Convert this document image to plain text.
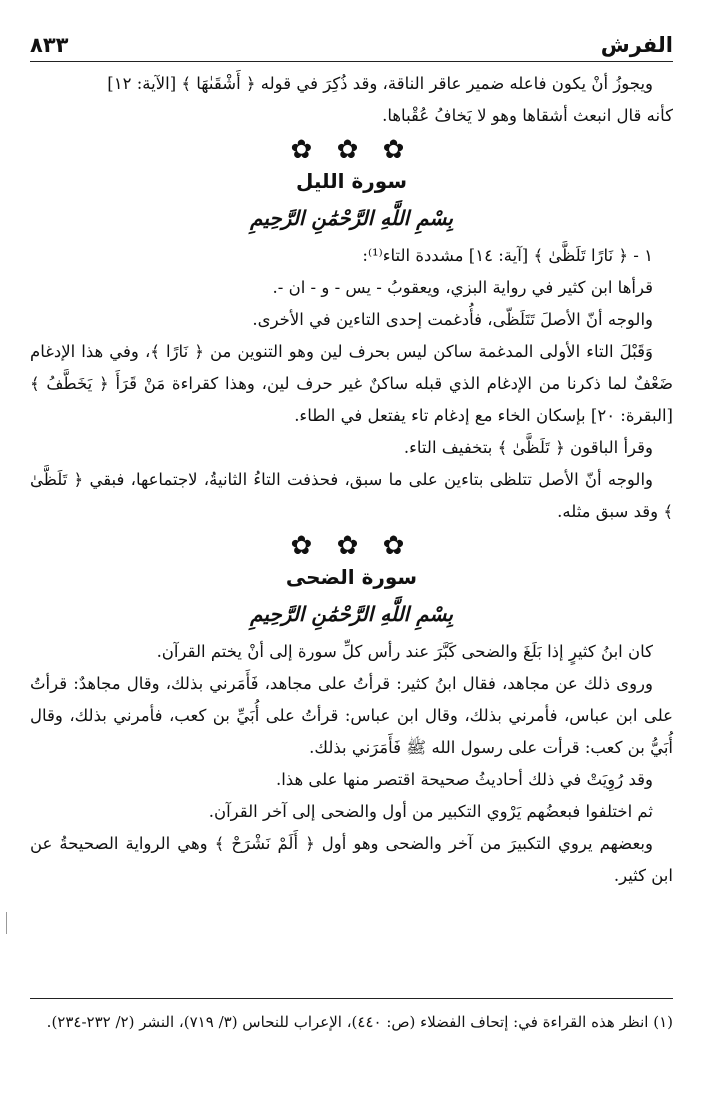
الفرش
٨٣٣

ويجوزُ أنْ يكون فاعله ضمير عاقر الناقة، وقد ذُكِرَ في قوله ﴿ أَشْقَىٰهَا ﴾ [الآية: ١٢]

كأنه قال انبعث أشقاها وهو لا يَخافُ عُقْباها.

✿ ✿ ✿
سورة الليل
بِسْمِ اللَّهِ الرَّحْمَٰنِ الرَّحِيمِ

١ - ﴿ نَارًا تَلَظَّىٰ ﴾ [آية: ١٤] مشددة التاء⁽¹⁾:

قرأها ابن كثير في رواية البزي، ويعقوبُ - يس - و - ان -.

والوجه أنّ الأصلَ تَتَلَظّى، فأُدغمت إحدى التاءين في الأخرى.

وَقَبْلَ التاء الأولى المدغمة ساكن ليس بحرف لين وهو التنوين من ﴿ نَارًا ﴾، وفي هذا الإدغام ضَعْفٌ لما ذكرنا من الإدغام الذي قبله ساكنٌ غير حرف لين، وهذا كقراءة مَنْ قَرَأَ ﴿ يَخَطَّفُ ﴾ [البقرة: ٢٠] بإسكان الخاء مع إدغام تاء يفتعل في الطاء.

وقرأ الباقون ﴿ تَلَظَّىٰ ﴾ بتخفيف التاء.

والوجه أنّ الأصل تتلظى بتاءين على ما سبق، فحذفت التاءُ الثانيةُ، لاجتماعها، فبقي ﴿ تَلَظَّىٰ ﴾ وقد سبق مثله.

✿ ✿ ✿
سورة الضحى
بِسْمِ اللَّهِ الرَّحْمَٰنِ الرَّحِيمِ

كان ابنُ كثيرٍ إذا بَلَغَ والضحى كَبَّرَ عند رأس كلِّ سورة إلى أنْ يختم القرآن.

وروى ذلك عن مجاهد، فقال ابنُ كثير: قرأتُ على مجاهد، فَأَمَرني بذلك، وقال مجاهدٌ: قرأتُ على ابن عباس، فأمرني بذلك، وقال ابن عباس: قرأتُ على أُبَيِّ بن كعب، فأمرني بذلك، وقال أُبَيُّ بن كعب: قرأت على رسول الله ﷺ فَأَمَرَني بذلك.

وقد رُوِيَتْ في ذلك أحاديثُ صحيحة اقتصر منها على هذا.

ثم اختلفوا فبعضُهم يَرْوي التكبير من أول والضحى إلى آخر القرآن.

وبعضهم يروي التكبيرَ من آخر والضحى وهو أول ﴿ أَلَمْ نَشْرَحْ ﴾ وهي الرواية الصحيحةُ عن ابن كثير.

(١) انظر هذه القراءة في: إتحاف الفضلاء (ص: ٤٤٠)، الإعراب للنحاس (٣/ ٧١٩)، النشر (٢/ ٢٣٢-٢٣٤).
